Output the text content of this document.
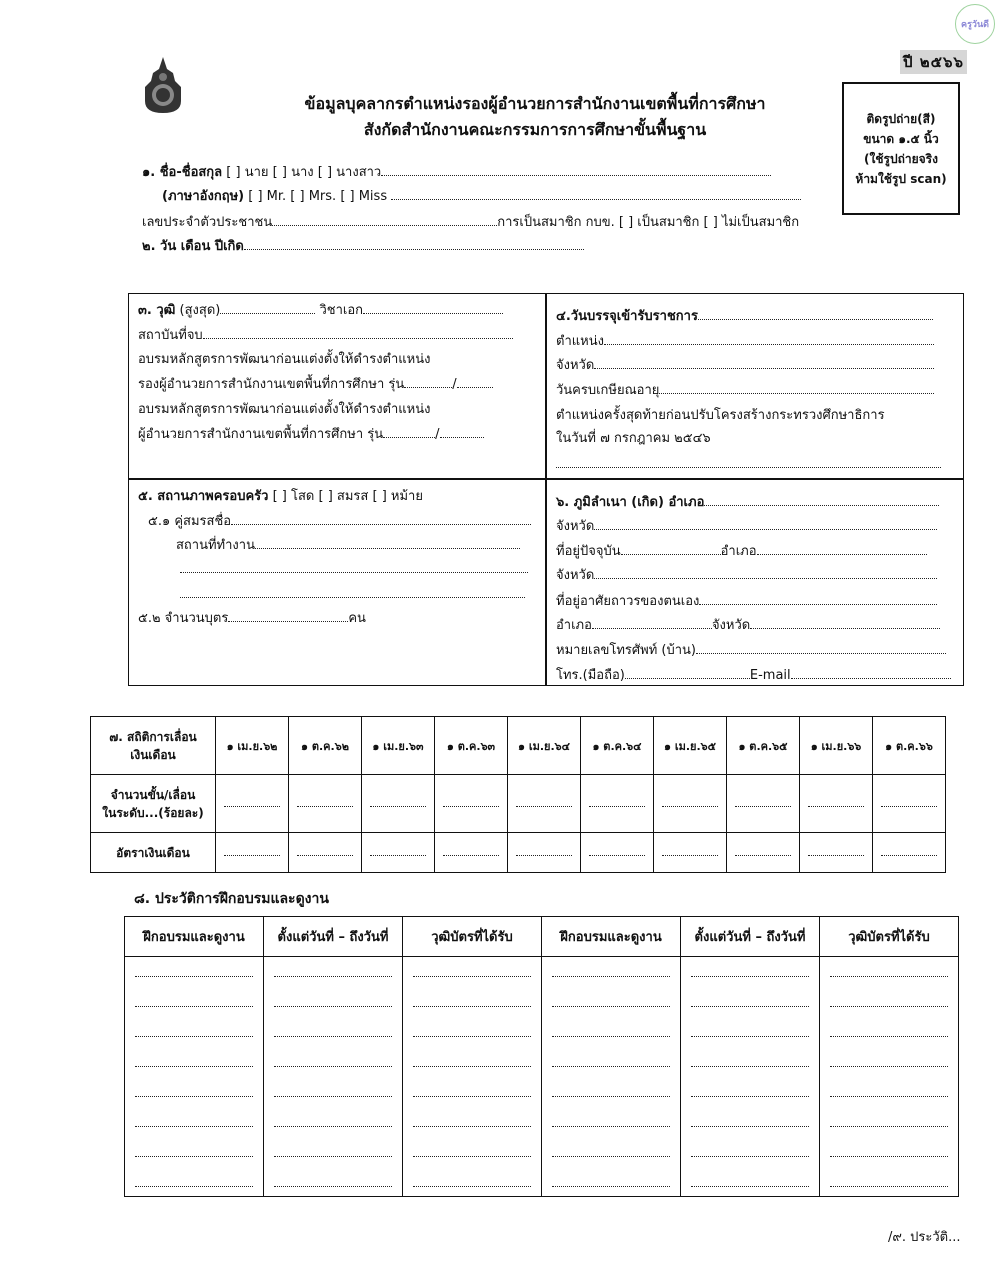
ครูวันดี
ปี ๒๕๖๖
ข้อมูลบุคลากรตำแหน่งรองผู้อำนวยการสำนักงานเขตพื้นที่การศึกษา
สังกัดสำนักงานคณะกรรมการการศึกษาขั้นพื้นฐาน
ติดรูปถ่าย(สี)
ขนาด ๑.๕ นิ้ว
(ใช้รูปถ่ายจริง
ห้ามใช้รูป scan)
๑. ชื่อ-ชื่อสกุล [ ] นาย [ ] นาง [ ] นางสาว
(ภาษาอังกฤษ) [ ] Mr. [ ] Mrs. [ ] Miss
เลขประจำตัวประชาชน	การเป็นสมาชิก กบข. [ ] เป็นสมาชิก [ ] ไม่เป็นสมาชิก
๒. วัน เดือน ปีเกิด
๓. วุฒิ (สูงสุด)	วิชาเอก
สถาบันที่จบ
อบรมหลักสูตรการพัฒนาก่อนแต่งตั้งให้ดำรงตำแหน่ง
รองผู้อำนวยการสำนักงานเขตพื้นที่การศึกษา รุ่น	/
อบรมหลักสูตรการพัฒนาก่อนแต่งตั้งให้ดำรงตำแหน่ง
ผู้อำนวยการสำนักงานเขตพื้นที่การศึกษา รุ่น	/
๔.วันบรรจุเข้ารับราชการ
ตำแหน่ง
จังหวัด
วันครบเกษียณอายุ
ตำแหน่งครั้งสุดท้ายก่อนปรับโครงสร้างกระทรวงศึกษาธิการ
ในวันที่ ๗ กรกฎาคม ๒๕๔๖
๕. สถานภาพครอบครัว [ ] โสด [ ] สมรส [ ] หม้าย
๕.๑ คู่สมรสชื่อ
สถานที่ทำงาน
๕.๒ จำนวนบุตร	คน
๖. ภูมิลำเนา (เกิด) อำเภอ
จังหวัด
ที่อยู่ปัจจุบัน	อำเภอ
จังหวัด
ที่อยู่อาศัยถาวรของตนเอง
อำเภอ	จังหวัด
หมายเลขโทรศัพท์ (บ้าน)
โทร.(มือถือ)	E-mail
๗. สถิติการเลื่อน
เงินเดือน	๑ เม.ย.๖๒	๑ ต.ค.๖๒	๑ เม.ย.๖๓	๑ ต.ค.๖๓	๑ เม.ย.๖๔	๑ ต.ค.๖๔	๑ เม.ย.๖๕	๑ ต.ค.๖๕	๑ เม.ย.๖๖	๑ ต.ค.๖๖

จำนวนขั้น/เลื่อน
ในระดับ...(ร้อยละ)										

อัตราเงินเดือน										
๘. ประวัติการฝึกอบรมและดูงาน
ฝึกอบรมและดูงาน	ตั้งแต่วันที่ – ถึงวันที่	วุฒิบัตรที่ได้รับ	ฝึกอบรมและดูงาน	ตั้งแต่วันที่ – ถึงวันที่	วุฒิบัตรที่ได้รับ

/๙. ประวัติ...
